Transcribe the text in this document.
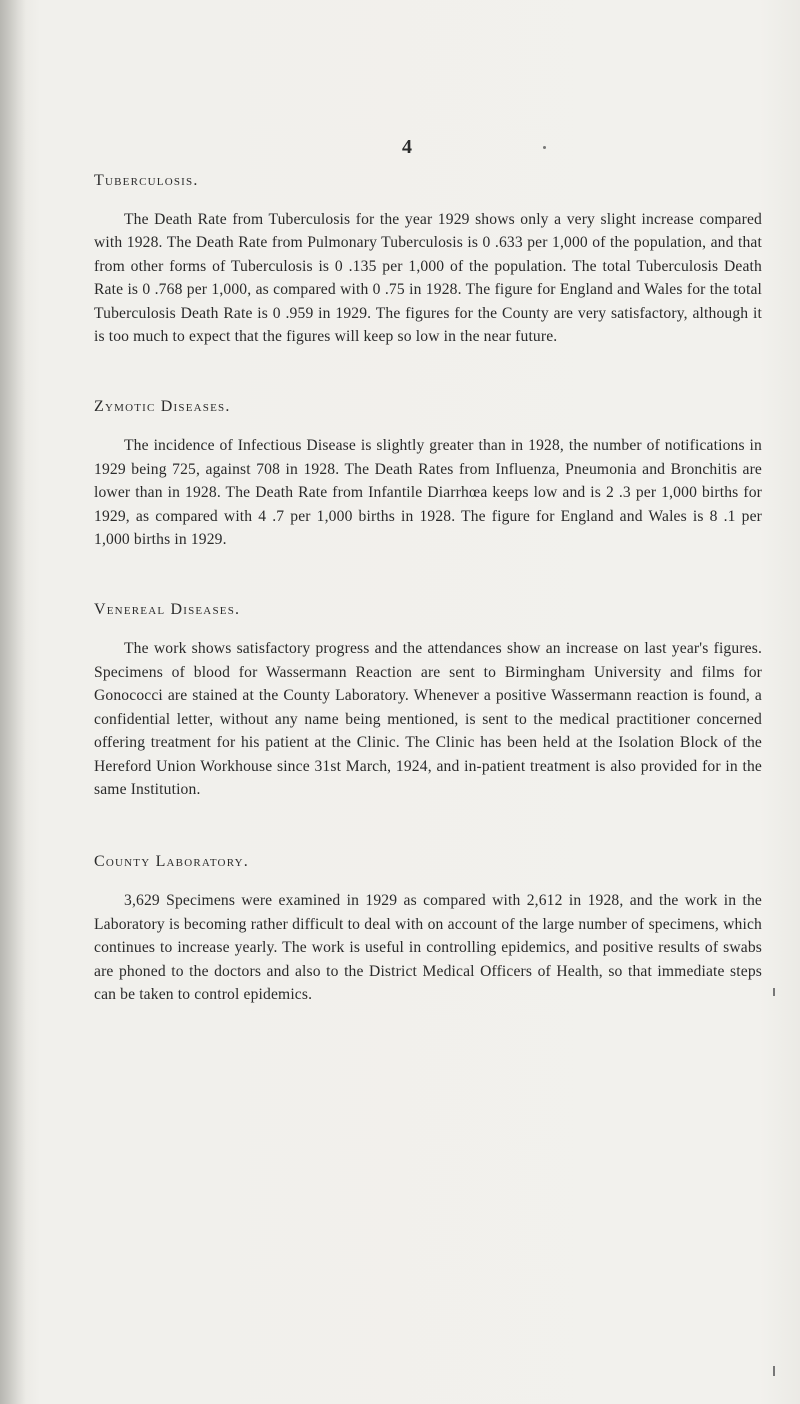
4
Tuberculosis.

The Death Rate from Tuberculosis for the year 1929 shows only a very slight increase compared with 1928. The Death Rate from Pulmonary Tuberculosis is 0 .633 per 1,000 of the population, and that from other forms of Tuberculosis is 0 .135 per 1,000 of the population. The total Tuberculosis Death Rate is 0 .768 per 1,000, as compared with 0 .75 in 1928. The figure for England and Wales for the total Tuberculosis Death Rate is 0 .959 in 1929. The figures for the County are very satisfactory, although it is too much to expect that the figures will keep so low in the near future.

Zymotic Diseases.

The incidence of Infectious Disease is slightly greater than in 1928, the number of notifications in 1929 being 725, against 708 in 1928. The Death Rates from Influenza, Pneumonia and Bronchitis are lower than in 1928. The Death Rate from Infantile Diarrhœa keeps low and is 2 .3 per 1,000 births for 1929, as compared with 4 .7 per 1,000 births in 1928. The figure for England and Wales is 8 .1 per 1,000 births in 1929.

Venereal Diseases.

The work shows satisfactory progress and the attendances show an increase on last year's figures. Specimens of blood for Wassermann Reaction are sent to Birmingham University and films for Gonococci are stained at the County Laboratory. Whenever a positive Wassermann reaction is found, a confidential letter, without any name being mentioned, is sent to the medical practitioner concerned offering treatment for his patient at the Clinic. The Clinic has been held at the Isolation Block of the Hereford Union Workhouse since 31st March, 1924, and in-patient treatment is also provided for in the same Institution.

County Laboratory.

3,629 Specimens were examined in 1929 as compared with 2,612 in 1928, and the work in the Laboratory is becoming rather difficult to deal with on account of the large number of specimens, which continues to increase yearly. The work is useful in controlling epidemics, and positive results of swabs are phoned to the doctors and also to the District Medical Officers of Health, so that immediate steps can be taken to control epidemics.
